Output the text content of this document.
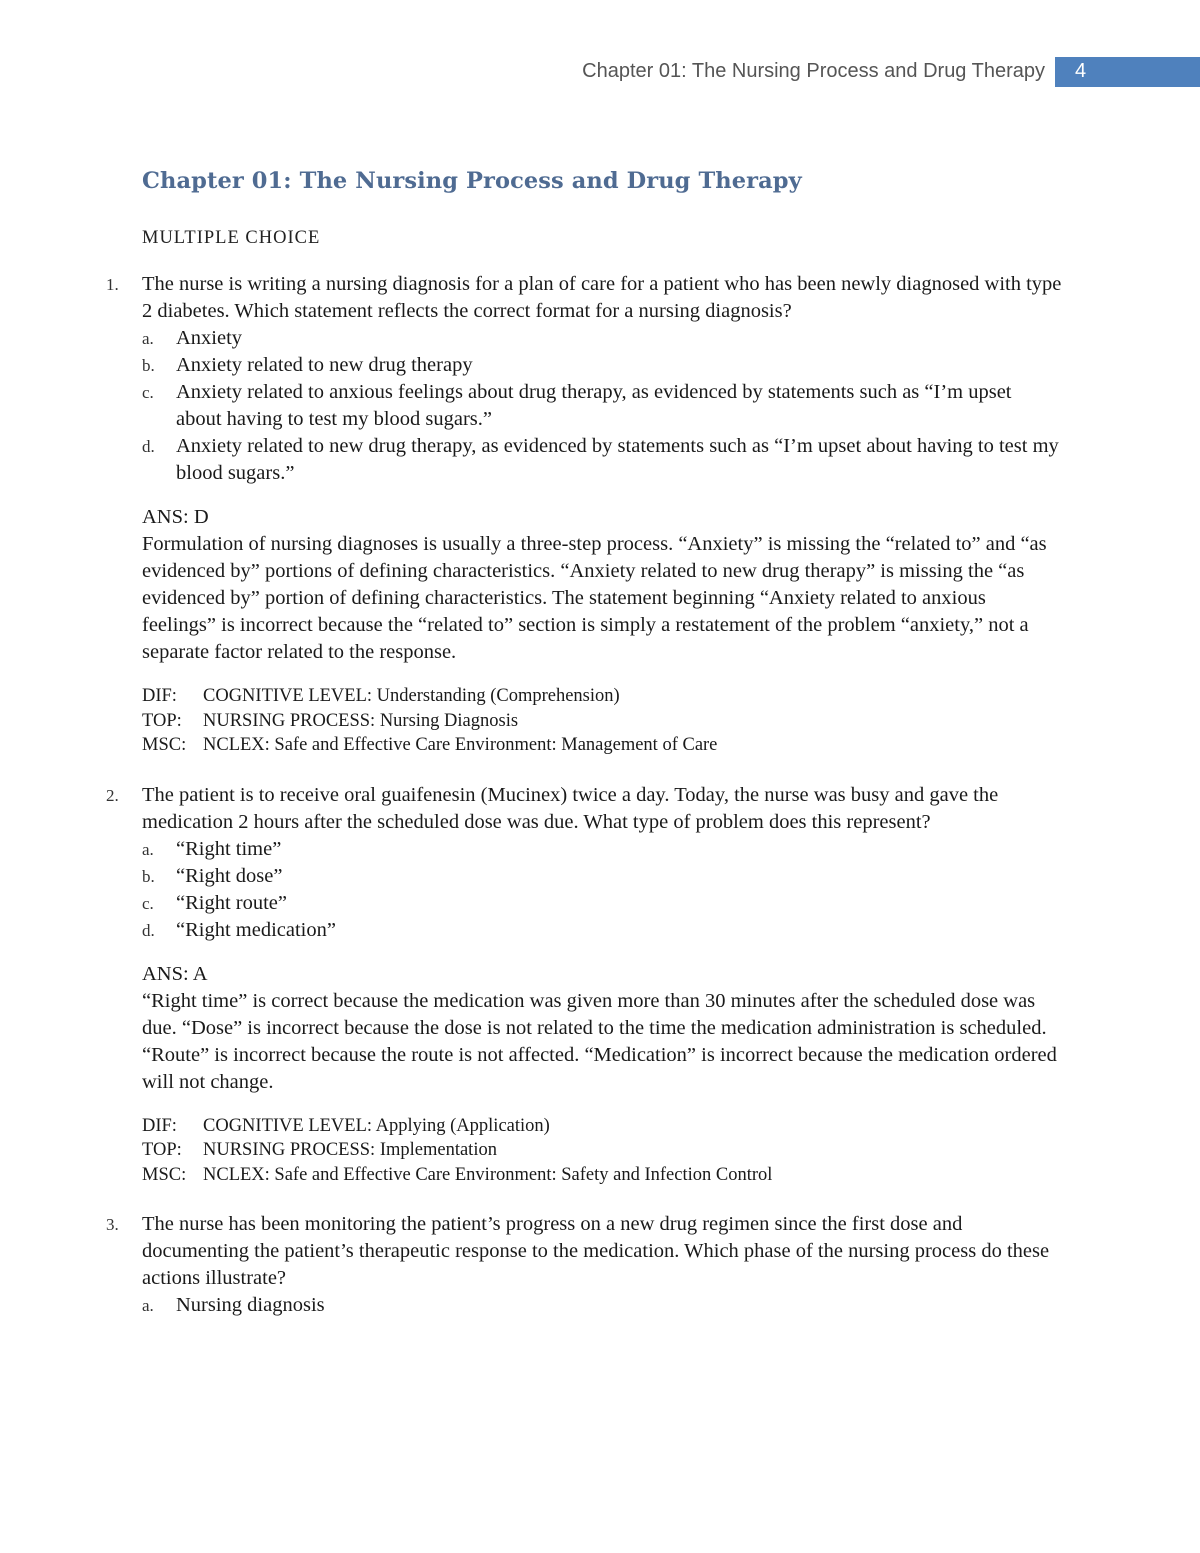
Chapter 01: The Nursing Process and Drug Therapy 4
Chapter 01: The Nursing Process and Drug Therapy
MULTIPLE CHOICE
1. The nurse is writing a nursing diagnosis for a plan of care for a patient who has been newly diagnosed with type 2 diabetes. Which statement reflects the correct format for a nursing diagnosis?

a. Anxiety
b. Anxiety related to new drug therapy
c. Anxiety related to anxious feelings about drug therapy, as evidenced by statements such as “I’m upset about having to test my blood sugars.”
d. Anxiety related to new drug therapy, as evidenced by statements such as “I’m upset about having to test my blood sugars.”
ANS: D

Formulation of nursing diagnoses is usually a three-step process. “Anxiety” is missing the “related to” and “as evidenced by” portions of defining characteristics. “Anxiety related to new drug therapy” is missing the “as evidenced by” portion of defining characteristics. The statement beginning “Anxiety related to anxious feelings” is incorrect because the “related to” section is simply a restatement of the problem “anxiety,” not a separate factor related to the response.

DIF:	COGNITIVE LEVEL: Understanding (Comprehension)
TOP:	NURSING PROCESS: Nursing Diagnosis
MSC: NCLEX: Safe and Effective Care Environment: Management of Care
2. The patient is to receive oral guaifenesin (Mucinex) twice a day. Today, the nurse was busy and gave the medication 2 hours after the scheduled dose was due. What type of problem does this represent?

a. “Right time”
b. “Right dose”
c. “Right route”
d. “Right medication”
ANS: A

“Right time” is correct because the medication was given more than 30 minutes after the scheduled dose was due. “Dose” is incorrect because the dose is not related to the time the medication administration is scheduled. “Route” is incorrect because the route is not affected. “Medication” is incorrect because the medication ordered will not change.

DIF:	COGNITIVE LEVEL: Applying (Application)
TOP:	NURSING PROCESS: Implementation
MSC: NCLEX: Safe and Effective Care Environment: Safety and Infection Control
3. The nurse has been monitoring the patient’s progress on a new drug regimen since the first dose and documenting the patient’s therapeutic response to the medication. Which phase of the nursing process do these actions illustrate?

a. Nursing diagnosis
